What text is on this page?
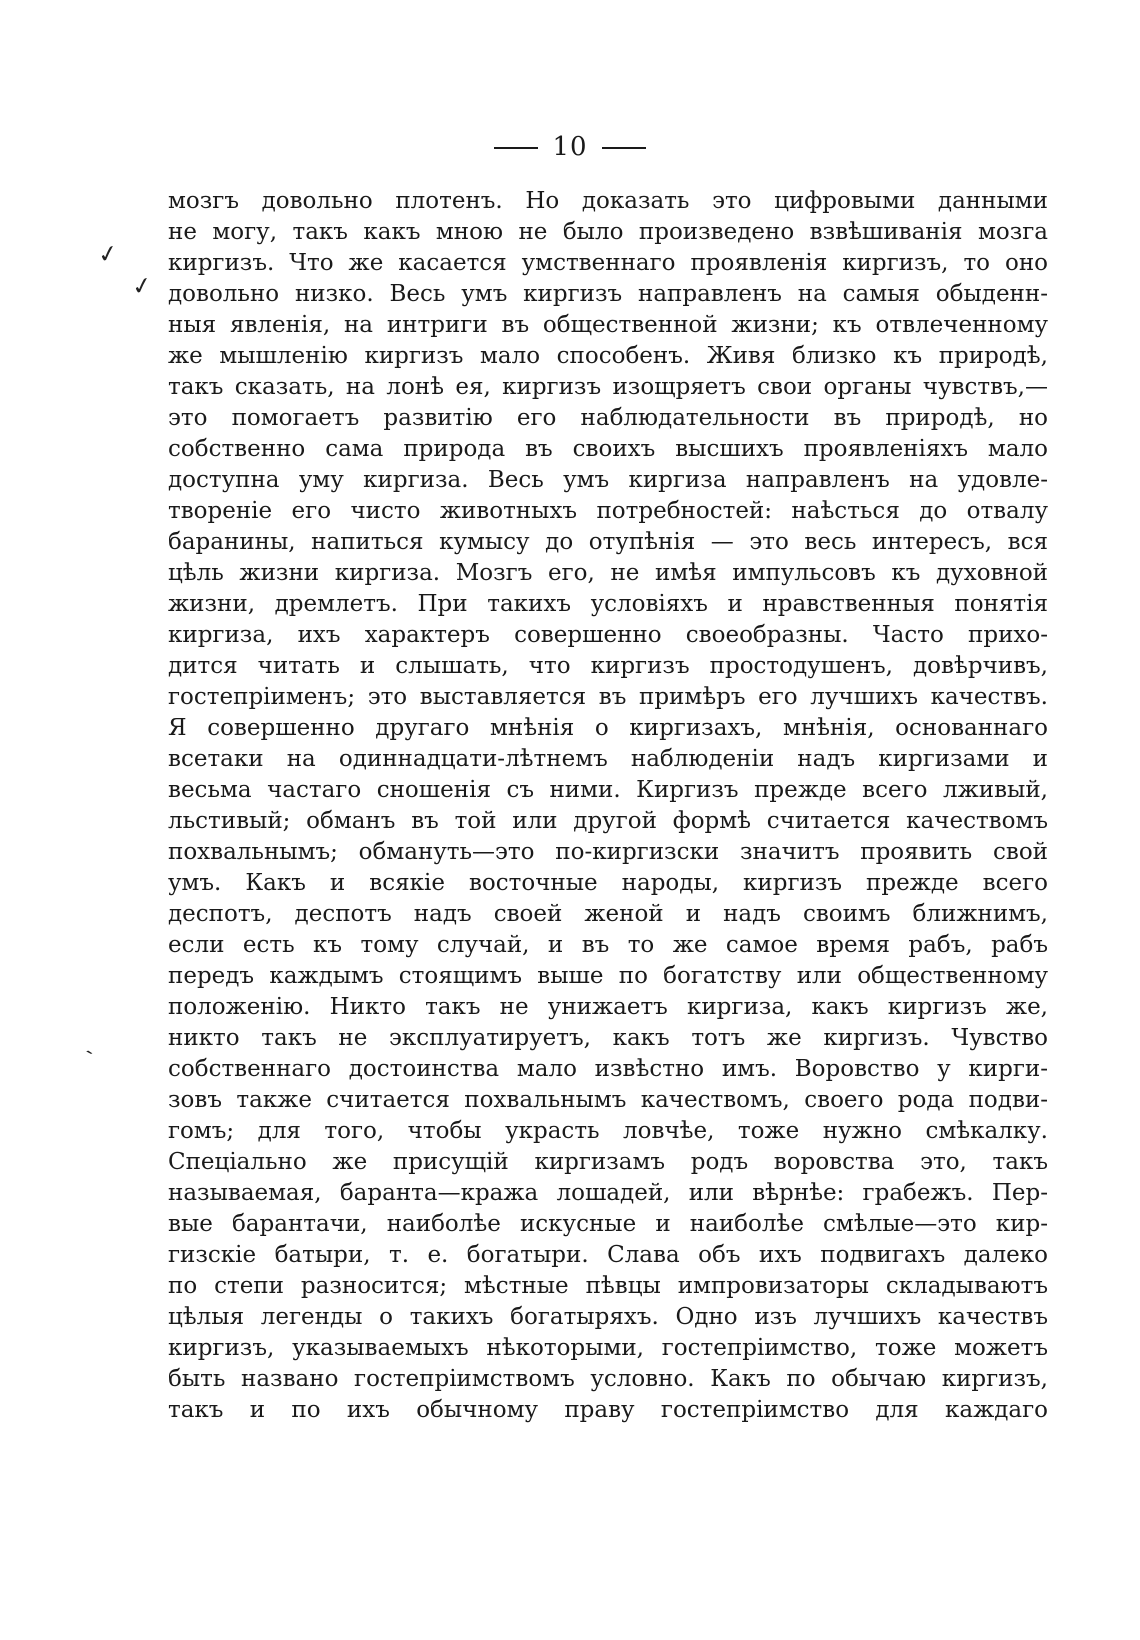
10
✓
✓
ˋ
мозгъ довольно плотенъ. Но доказать это цифровыми данными
не могу, такъ какъ мною не было произведено взвѣшиванія мозга
киргизъ. Что же касается умственнаго проявленія киргизъ, то оно
довольно низко. Весь умъ киргизъ направленъ на самыя обыденн-
ныя явленія, на интриги въ общественной жизни; къ отвлеченному
же мышленію киргизъ мало способенъ. Живя близко къ природѣ,
такъ сказать, на лонѣ ея, киргизъ изощряетъ свои органы чувствъ,—
это помогаетъ развитію его наблюдательности въ природѣ, но
собственно сама природа въ своихъ высшихъ проявленіяхъ мало
доступна уму киргиза. Весь умъ киргиза направленъ на удовле-
твореніе его чисто животныхъ потребностей: наѣсться до отвалу
баранины, напиться кумысу до отупѣнія — это весь интересъ, вся
цѣль жизни киргиза. Мозгъ его, не имѣя импульсовъ къ духовной
жизни, дремлетъ. При такихъ условіяхъ и нравственныя понятія
киргиза, ихъ характеръ совершенно своеобразны. Часто прихо-
дится читать и слышать, что киргизъ простодушенъ, довѣрчивъ,
гостепріименъ; это выставляется въ примѣръ его лучшихъ качествъ.
Я совершенно другаго мнѣнія о киргизахъ, мнѣнія, основаннаго
всетаки на одиннадцати-лѣтнемъ наблюденіи надъ киргизами и
весьма частаго сношенія съ ними. Киргизъ прежде всего лживый,
льстивый; обманъ въ той или другой формѣ считается качествомъ
похвальнымъ; обмануть—это по-киргизски значитъ проявить свой
умъ. Какъ и всякіе восточные народы, киргизъ прежде всего
деспотъ, деспотъ надъ своей женой и надъ своимъ ближнимъ,
если есть къ тому случай, и въ то же самое время рабъ, рабъ
передъ каждымъ стоящимъ выше по богатству или общественному
положенію. Никто такъ не унижаетъ киргиза, какъ киргизъ же,
никто такъ не эксплуатируетъ, какъ тотъ же киргизъ. Чувство
собственнаго достоинства мало извѣстно имъ. Воровство у кирги-
зовъ также считается похвальнымъ качествомъ, своего рода подви-
гомъ; для того, чтобы украсть ловчѣе, тоже нужно смѣкалку.
Спеціально же присущій киргизамъ родъ воровства это, такъ
называемая, баранта—кража лошадей, или вѣрнѣе: грабежъ. Пер-
вые барантачи, наиболѣе искусные и наиболѣе смѣлые—это кир-
гизскіе батыри, т. е. богатыри. Слава объ ихъ подвигахъ далеко
по степи разносится; мѣстные пѣвцы импровизаторы складываютъ
цѣлыя легенды о такихъ богатыряхъ. Одно изъ лучшихъ качествъ
киргизъ, указываемыхъ нѣкоторыми, гостепріимство, тоже можетъ
быть названо гостепріимствомъ условно. Какъ по обычаю киргизъ,
такъ и по ихъ обычному праву гостепріимство для каждаго
